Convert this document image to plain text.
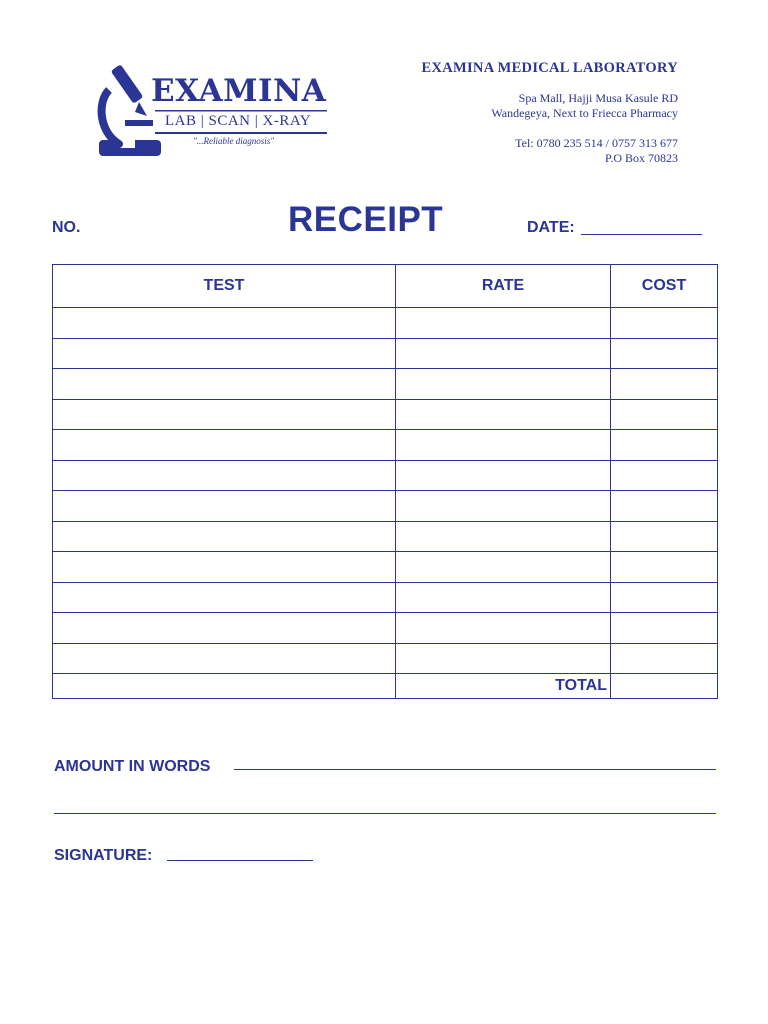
EXAMINA
LAB | SCAN | X-RAY
"...Reliable diagnosis"
EXAMINA MEDICAL LABORATORY
Spa Mall, Hajji Musa Kasule RD
Wandegeya, Next to Friecca Pharmacy
Tel: 0780 235 514 / 0757 313 677
P.O Box 70823
NO.	RECEIPT	DATE:
TEST	RATE	COST

	TOTAL	
AMOUNT IN WORDS
SIGNATURE:
